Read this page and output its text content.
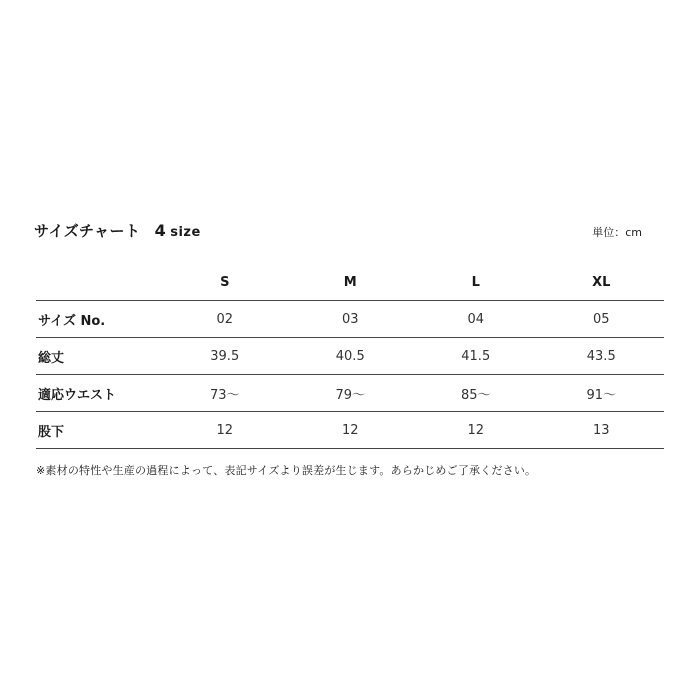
サイズチャート 4 size	単位：cm
	S	M	L	XL
サイズ No.	02	03	04	05
総丈	39.5	40.5	41.5	43.5
適応ウエスト	73～	79～	85～	91～
股下	12	12	12	13
※素材の特性や生産の過程によって、表記サイズより誤差が生じます。あらかじめご了承ください。
